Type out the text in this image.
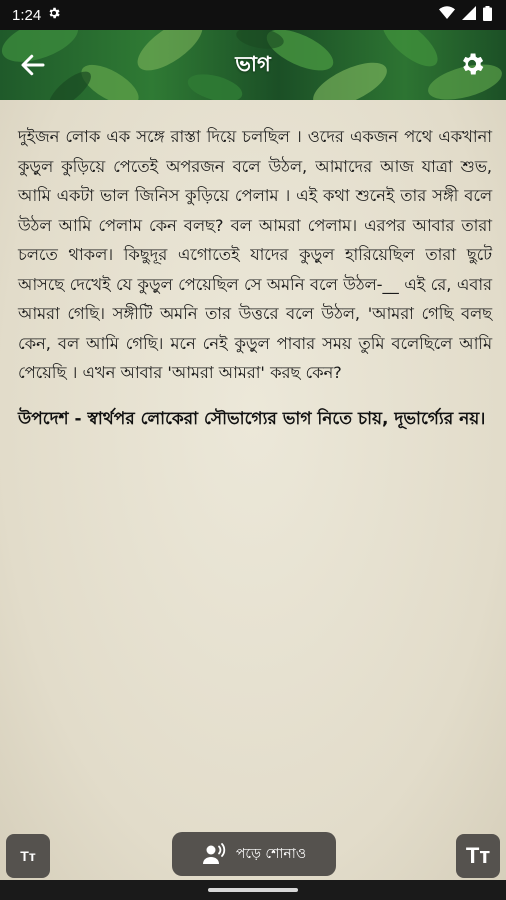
1:24
ভাগ

দুইজন লোক এক সঙ্গে রাস্তা দিয়ে চলছিল । ওদের একজন পথে একখানা কুড়ুল কুড়িয়ে পেতেই অপরজন বলে উঠল, আমাদের আজ যাত্রা শুভ, আমি একটা ভাল জিনিস কুড়িয়ে পেলাম । এই কথা শুনেই তার সঙ্গী বলে উঠল আমি পেলাম কেন বলছ? বল আমরা পেলাম। এরপর আবার তারা চলতে থাকল। কিছুদূর এগোতেই যাদের কুড়ুল হারিয়েছিল তারা ছুটে আসছে দেখেই যে কুড়ুল পেয়েছিল সে অমনি বলে উঠল-__ এই রে, এবার আমরা গেছি। সঙ্গীটি অমনি তার উত্তরে বলে উঠল, 'আমরা গেছি বলছ কেন, বল আমি গেছি। মনে নেই কুড়ুল পাবার সময় তুমি বলেছিলে আমি পেয়েছি । এখন আবার 'আমরা আমরা' করছ কেন?

উপদেশ - স্বার্থপর লোকেরা সৌভাগ্যের ভাগ নিতে চায়, দূভার্গ্যের নয়।

Tт	পড়ে শোনাও	Tт
